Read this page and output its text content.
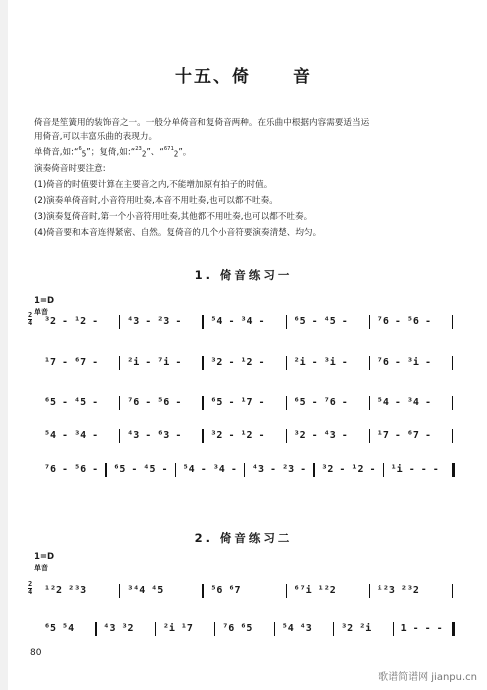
十五、倚 音
倚音是笙簧用的装饰音之一。一般分单倚音和复倚音两种。在乐曲中根据内容需要适当运
用倚音,可以丰富乐曲的表现力。
单倚音,如:“$^6$5”；复倚,如:“$^{23}$2”、“$^{671}$2”。
演奏倚音时要注意:
(1)倚音的时值要计算在主要音之内,不能增加原有拍子的时值。
(2)演奏单倚音时,小音符用吐奏,本音不用吐奏,也可以都不吐奏。
(3)演奏复倚音时,第一个小音符用吐奏,其他都不用吐奏,也可以都不吐奏。
(4)倚音要和本音连得紧密、自然。复倚音的几个小音符要演奏清楚、均匀。
1. 倚音练习一
1=D
单音
2
4 ³2 - ¹2 -	⁴3 - ²3 -	⁵4 - ³4 -	⁶5 - ⁴5 -	⁷6 - ⁵6 -
¹7 - ⁶7 -	²i - ⁷i -	³2 - ¹2 -	²i - ³i -	⁷6 - ³i -
⁶5 - ⁴5 -	⁷6 - ⁵6 -	⁶5 - ¹7 -	⁶5 - ⁷6 -	⁵4 - ³4 -
⁵4 - ³4 -	⁴3 - ⁶3 -	³2 - ¹2 -	³2 - ⁴3 -	¹7 - ⁶7 -
⁷6 - ⁵6 - ⁶5 - ⁴5 - ⁵4 - ³4 - ⁴3 - ²3 - ³2 - ¹2 - ¹i - - -
2. 倚音练习二
1=D
单音
2
4 ¹²2 ²³3	³⁴4 ⁴5	⁵6 ⁶7	⁶⁷i ¹²2	ⁱ²3 ²³2
⁶5 ⁵4	⁴3 ³2	²i ¹7	⁷6 ⁶5	⁵4 ⁴3	³2 ²i	1 - - -
80
歌谱简谱网 jianpu.cn
